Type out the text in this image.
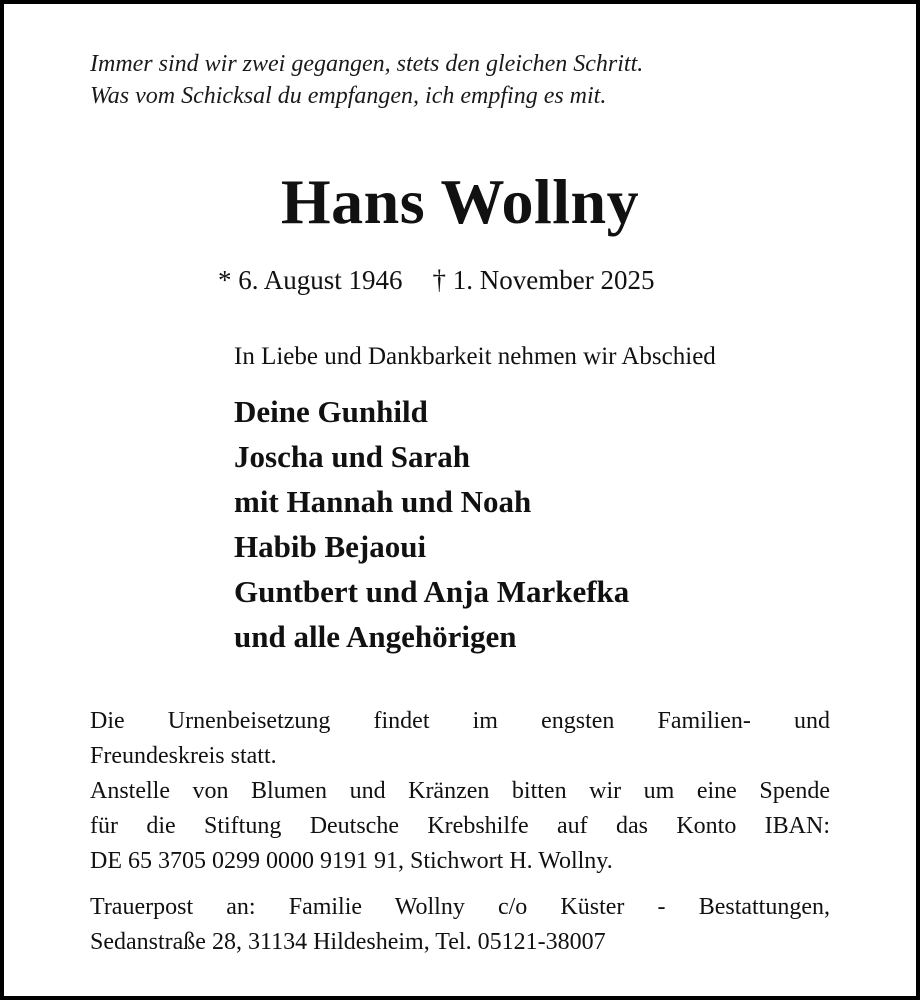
Immer sind wir zwei gegangen, stets den gleichen Schritt.
Was vom Schicksal du empfangen, ich empfing es mit.
Hans Wollny
* 6. August 1946 † 1. November 2025
In Liebe und Dankbarkeit nehmen wir Abschied
Deine Gunhild
Joscha und Sarah
mit Hannah und Noah
Habib Bejaoui
Guntbert und Anja Markefka
und alle Angehörigen
Die Urnenbeisetzung findet im engsten Familien- und
Freundeskreis statt.
Anstelle von Blumen und Kränzen bitten wir um eine Spende
für die Stiftung Deutsche Krebshilfe auf das Konto IBAN:
DE 65 3705 0299 0000 9191 91, Stichwort H. Wollny.
Trauerpost an: Familie Wollny c/o Küster - Bestattungen,
Sedanstraße 28, 31134 Hildesheim, Tel. 05121-38007
